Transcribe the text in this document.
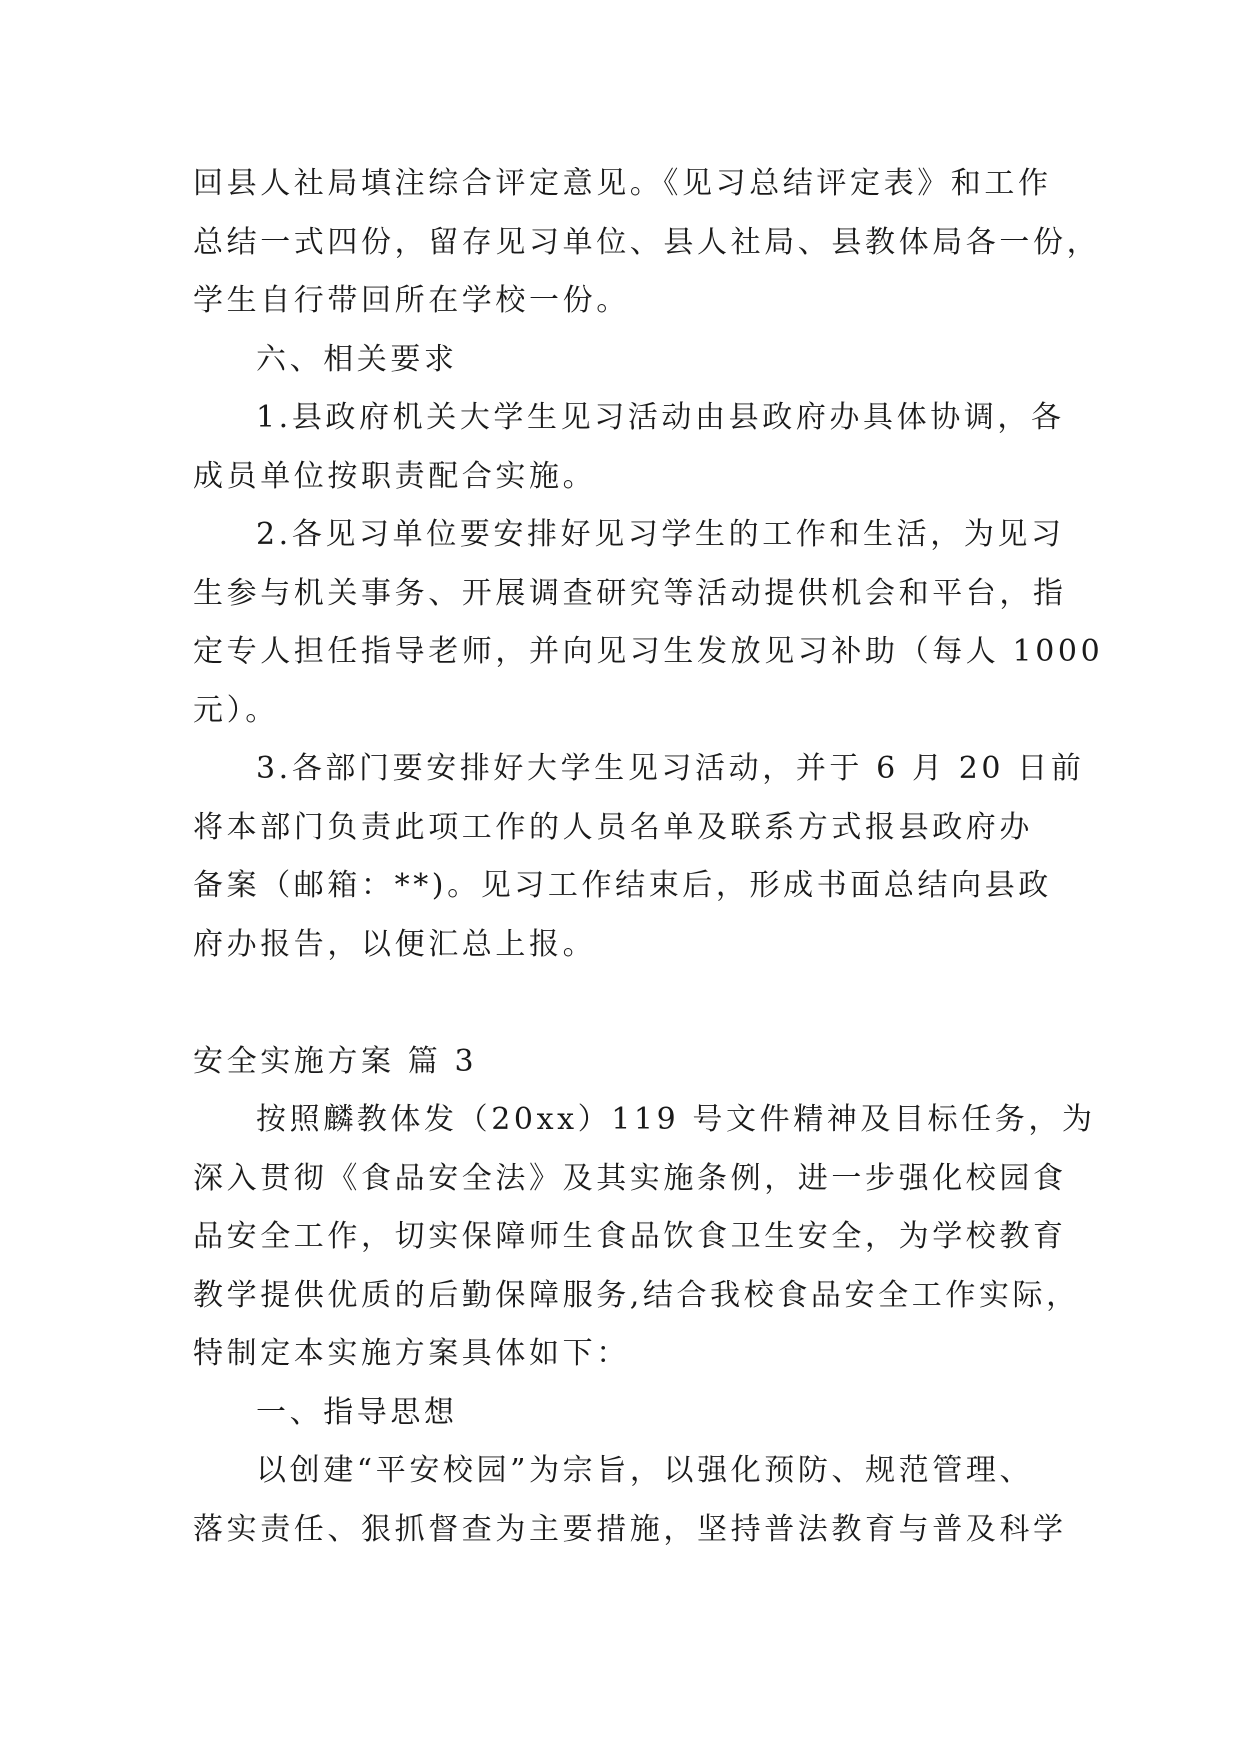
回县人社局填注综合评定意见。《见习总结评定表》和工作
总结一式四份，留存见习单位、县人社局、县教体局各一份，
学生自行带回所在学校一份。
六、相关要求
1.县政府机关大学生见习活动由县政府办具体协调，各
成员单位按职责配合实施。
2.各见习单位要安排好见习学生的工作和生活，为见习
生参与机关事务、开展调查研究等活动提供机会和平台，指
定专人担任指导老师，并向见习生发放见习补助（每人 1000
元）。
3.各部门要安排好大学生见习活动，并于 6 月 20 日前
将本部门负责此项工作的人员名单及联系方式报县政府办
备案（邮箱：**)。见习工作结束后，形成书面总结向县政
府办报告，以便汇总上报。
安全实施方案 篇 3
按照麟教体发（20xx）119 号文件精神及目标任务，为
深入贯彻《食品安全法》及其实施条例，进一步强化校园食
品安全工作，切实保障师生食品饮食卫生安全，为学校教育
教学提供优质的后勤保障服务,结合我校食品安全工作实际，
特制定本实施方案具体如下：
一、指导思想
以创建“平安校园”为宗旨，以强化预防、规范管理、
落实责任、狠抓督查为主要措施，坚持普法教育与普及科学
